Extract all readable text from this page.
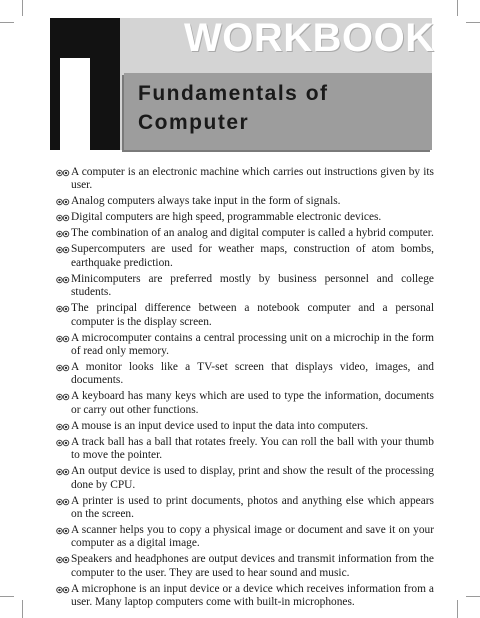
WORKBOOK
Fundamentals of
Computer
A computer is an electronic machine which carries out instructions given by its user.
Analog computers always take input in the form of signals.
Digital computers are high speed, programmable electronic devices.
The combination of an analog and digital computer is called a hybrid computer.
Supercomputers are used for weather maps, construction of atom bombs, earthquake prediction.
Minicomputers are preferred mostly by business personnel and college students.
The principal difference between a notebook computer and a personal computer is the display screen.
A microcomputer contains a central processing unit on a microchip in the form of read only memory.
A monitor looks like a TV-set screen that displays video, images, and documents.
A keyboard has many keys which are used to type the information, documents or carry out other functions.
A mouse is an input device used to input the data into computers.
A track ball has a ball that rotates freely. You can roll the ball with your thumb to move the pointer.
An output device is used to display, print and show the result of the processing done by CPU.
A printer is used to print documents, photos and anything else which appears on the screen.
A scanner helps you to copy a physical image or document and save it on your computer as a digital image.
Speakers and headphones are output devices and transmit information from the computer to the user. They are used to hear sound and music.
A microphone is an input device or a device which receives information from a user. Many laptop computers come with built-in microphones.
